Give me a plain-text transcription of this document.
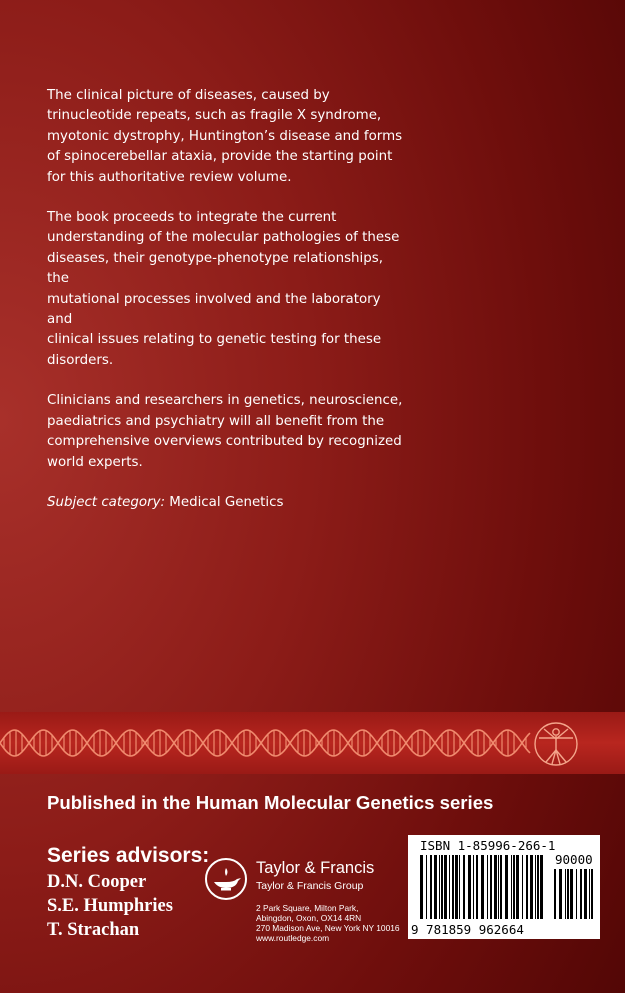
The clinical picture of diseases, caused by
trinucleotide repeats, such as fragile X syndrome,
myotonic dystrophy, Huntington’s disease and forms
of spinocerebellar ataxia, provide the starting point
for this authoritative review volume.

The book proceeds to integrate the current
understanding of the molecular pathologies of these
diseases, their genotype-phenotype relationships, the
mutational processes involved and the laboratory and
clinical issues relating to genetic testing for these
disorders.

Clinicians and researchers in genetics, neuroscience,
paediatrics and psychiatry will all benefit from the
comprehensive overviews contributed by recognized
world experts.

Subject category: Medical Genetics

Published in the Human Molecular Genetics series
Series advisors:
D.N. Cooper
S.E. Humphries
T. Strachan
Taylor & Francis
Taylor & Francis Group
2 Park Square, Milton Park,
Abingdon, Oxon, OX14 4RN
270 Madison Ave, New York NY 10016
www.routledge.com
ISBN 1-85996-266-1
90000
9 781859 962664
